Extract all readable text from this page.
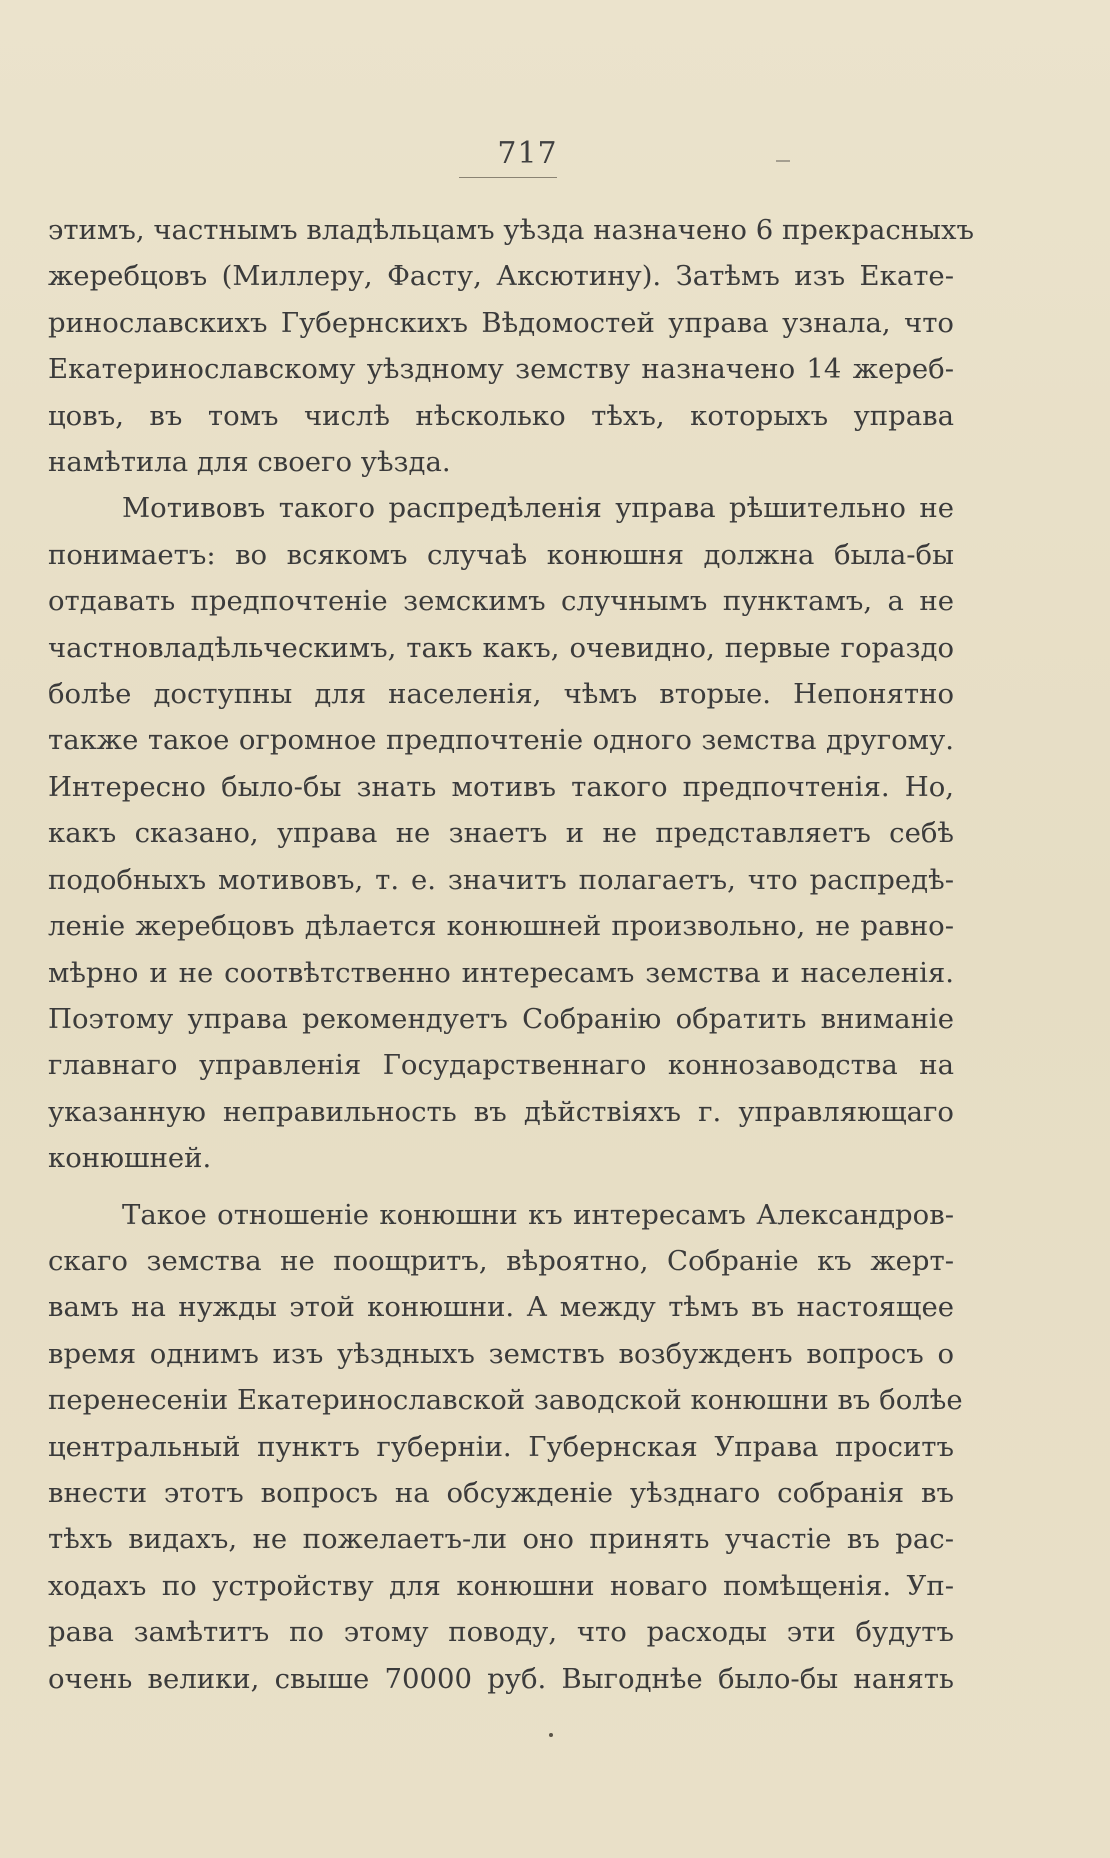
717
этимъ, частнымъ владѣльцамъ уѣзда назначено 6 прекрасныхъ
жеребцовъ (Миллеру, Фасту, Аксютину). Затѣмъ изъ Екате-
ринославскихъ Губернскихъ Вѣдомостей управа узнала, что
Екатеринославскому уѣздному земству назначено 14 жереб-
цовъ, въ томъ числѣ нѣсколько тѣхъ, которыхъ управа
намѣтила для своего уѣзда.
Мотивовъ такого распредѣленія управа рѣшительно не
понимаетъ: во всякомъ случаѣ конюшня должна была-бы
отдавать предпочтеніе земскимъ случнымъ пунктамъ, а не
частновладѣльческимъ, такъ какъ, очевидно, первые гораздо
болѣе доступны для населенія, чѣмъ вторые. Непонятно
также такое огромное предпочтеніе одного земства другому.
Интересно было-бы знать мотивъ такого предпочтенія. Но,
какъ сказано, управа не знаетъ и не представляетъ себѣ
подобныхъ мотивовъ, т. е. значитъ полагаетъ, что распредѣ-
леніе жеребцовъ дѣлается конюшней произвольно, не равно-
мѣрно и не соотвѣтственно интересамъ земства и населенія.
Поэтому управа рекомендуетъ Собранію обратить вниманіе
главнаго управленія Государственнаго коннозаводства на
указанную неправильность въ дѣйствіяхъ г. управляющаго
конюшней.
Такое отношеніе конюшни къ интересамъ Александров-
скаго земства не поощритъ, вѣроятно, Собраніе къ жерт-
вамъ на нужды этой конюшни. А между тѣмъ въ настоящее
время однимъ изъ уѣздныхъ земствъ возбужденъ вопросъ о
перенесеніи Екатеринославской заводской конюшни въ болѣе
центральный пунктъ губерніи. Губернская Управа проситъ
внести этотъ вопросъ на обсужденіе уѣзднаго собранія въ
тѣхъ видахъ, не пожелаетъ-ли оно принять участіе въ рас-
ходахъ по устройству для конюшни новаго помѣщенія. Уп-
рава замѣтитъ по этому поводу, что расходы эти будутъ
очень велики, свыше 70000 руб. Выгоднѣе было-бы нанять
